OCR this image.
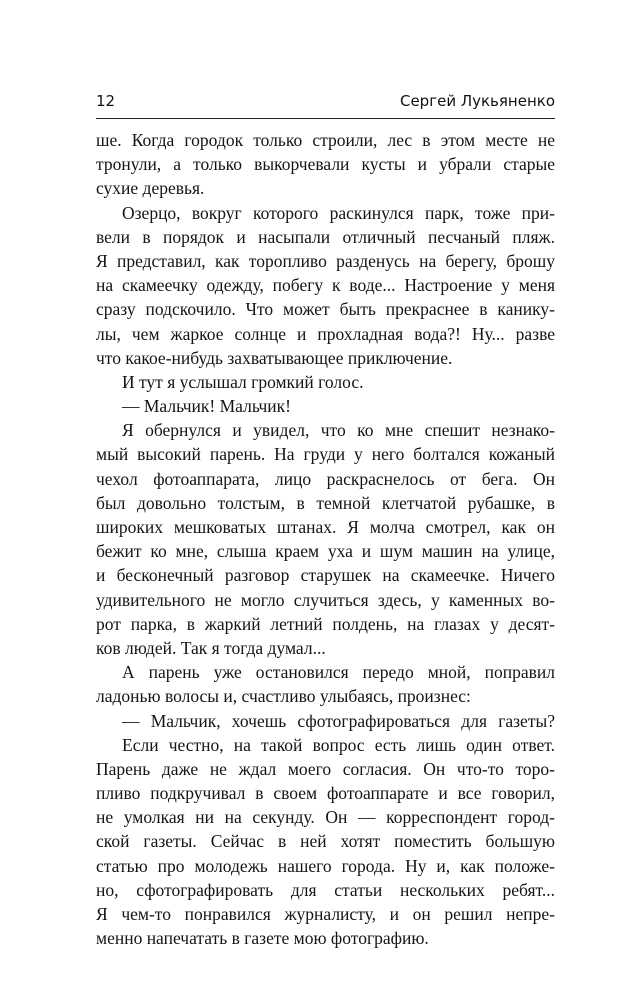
12	Сергей Лукьяненко
ше. Когда городок только строили, лес в этом месте не
тронули, а только выкорчевали кусты и убрали старые
сухие деревья.
Озерцо, вокруг которого раскинулся парк, тоже при-
вели в порядок и насыпали отличный песчаный пляж.
Я представил, как торопливо разденусь на берегу, брошу
на скамеечку одежду, побегу к воде... Настроение у меня
сразу подскочило. Что может быть прекраснее в канику-
лы, чем жаркое солнце и прохладная вода?! Ну... разве
что какое-нибудь захватывающее приключение.
И тут я услышал громкий голос.
— Мальчик! Мальчик!
Я обернулся и увидел, что ко мне спешит незнако-
мый высокий парень. На груди у него болтался кожаный
чехол фотоаппарата, лицо раскраснелось от бега. Он
был довольно толстым, в темной клетчатой рубашке, в
широких мешковатых штанах. Я молча смотрел, как он
бежит ко мне, слыша краем уха и шум машин на улице,
и бесконечный разговор старушек на скамеечке. Ничего
удивительного не могло случиться здесь, у каменных во-
рот парка, в жаркий летний полдень, на глазах у десят-
ков людей. Так я тогда думал...
А парень уже остановился передо мной, поправил
ладонью волосы и, счастливо улыбаясь, произнес:
— Мальчик, хочешь сфотографироваться для газеты?
Если честно, на такой вопрос есть лишь один ответ.
Парень даже не ждал моего согласия. Он что-то торо-
пливо подкручивал в своем фотоаппарате и все говорил,
не умолкая ни на секунду. Он — корреспондент город-
ской газеты. Сейчас в ней хотят поместить большую
статью про молодежь нашего города. Ну и, как положе-
но, сфотографировать для статьи нескольких ребят...
Я чем-то понравился журналисту, и он решил непре-
менно напечатать в газете мою фотографию.
